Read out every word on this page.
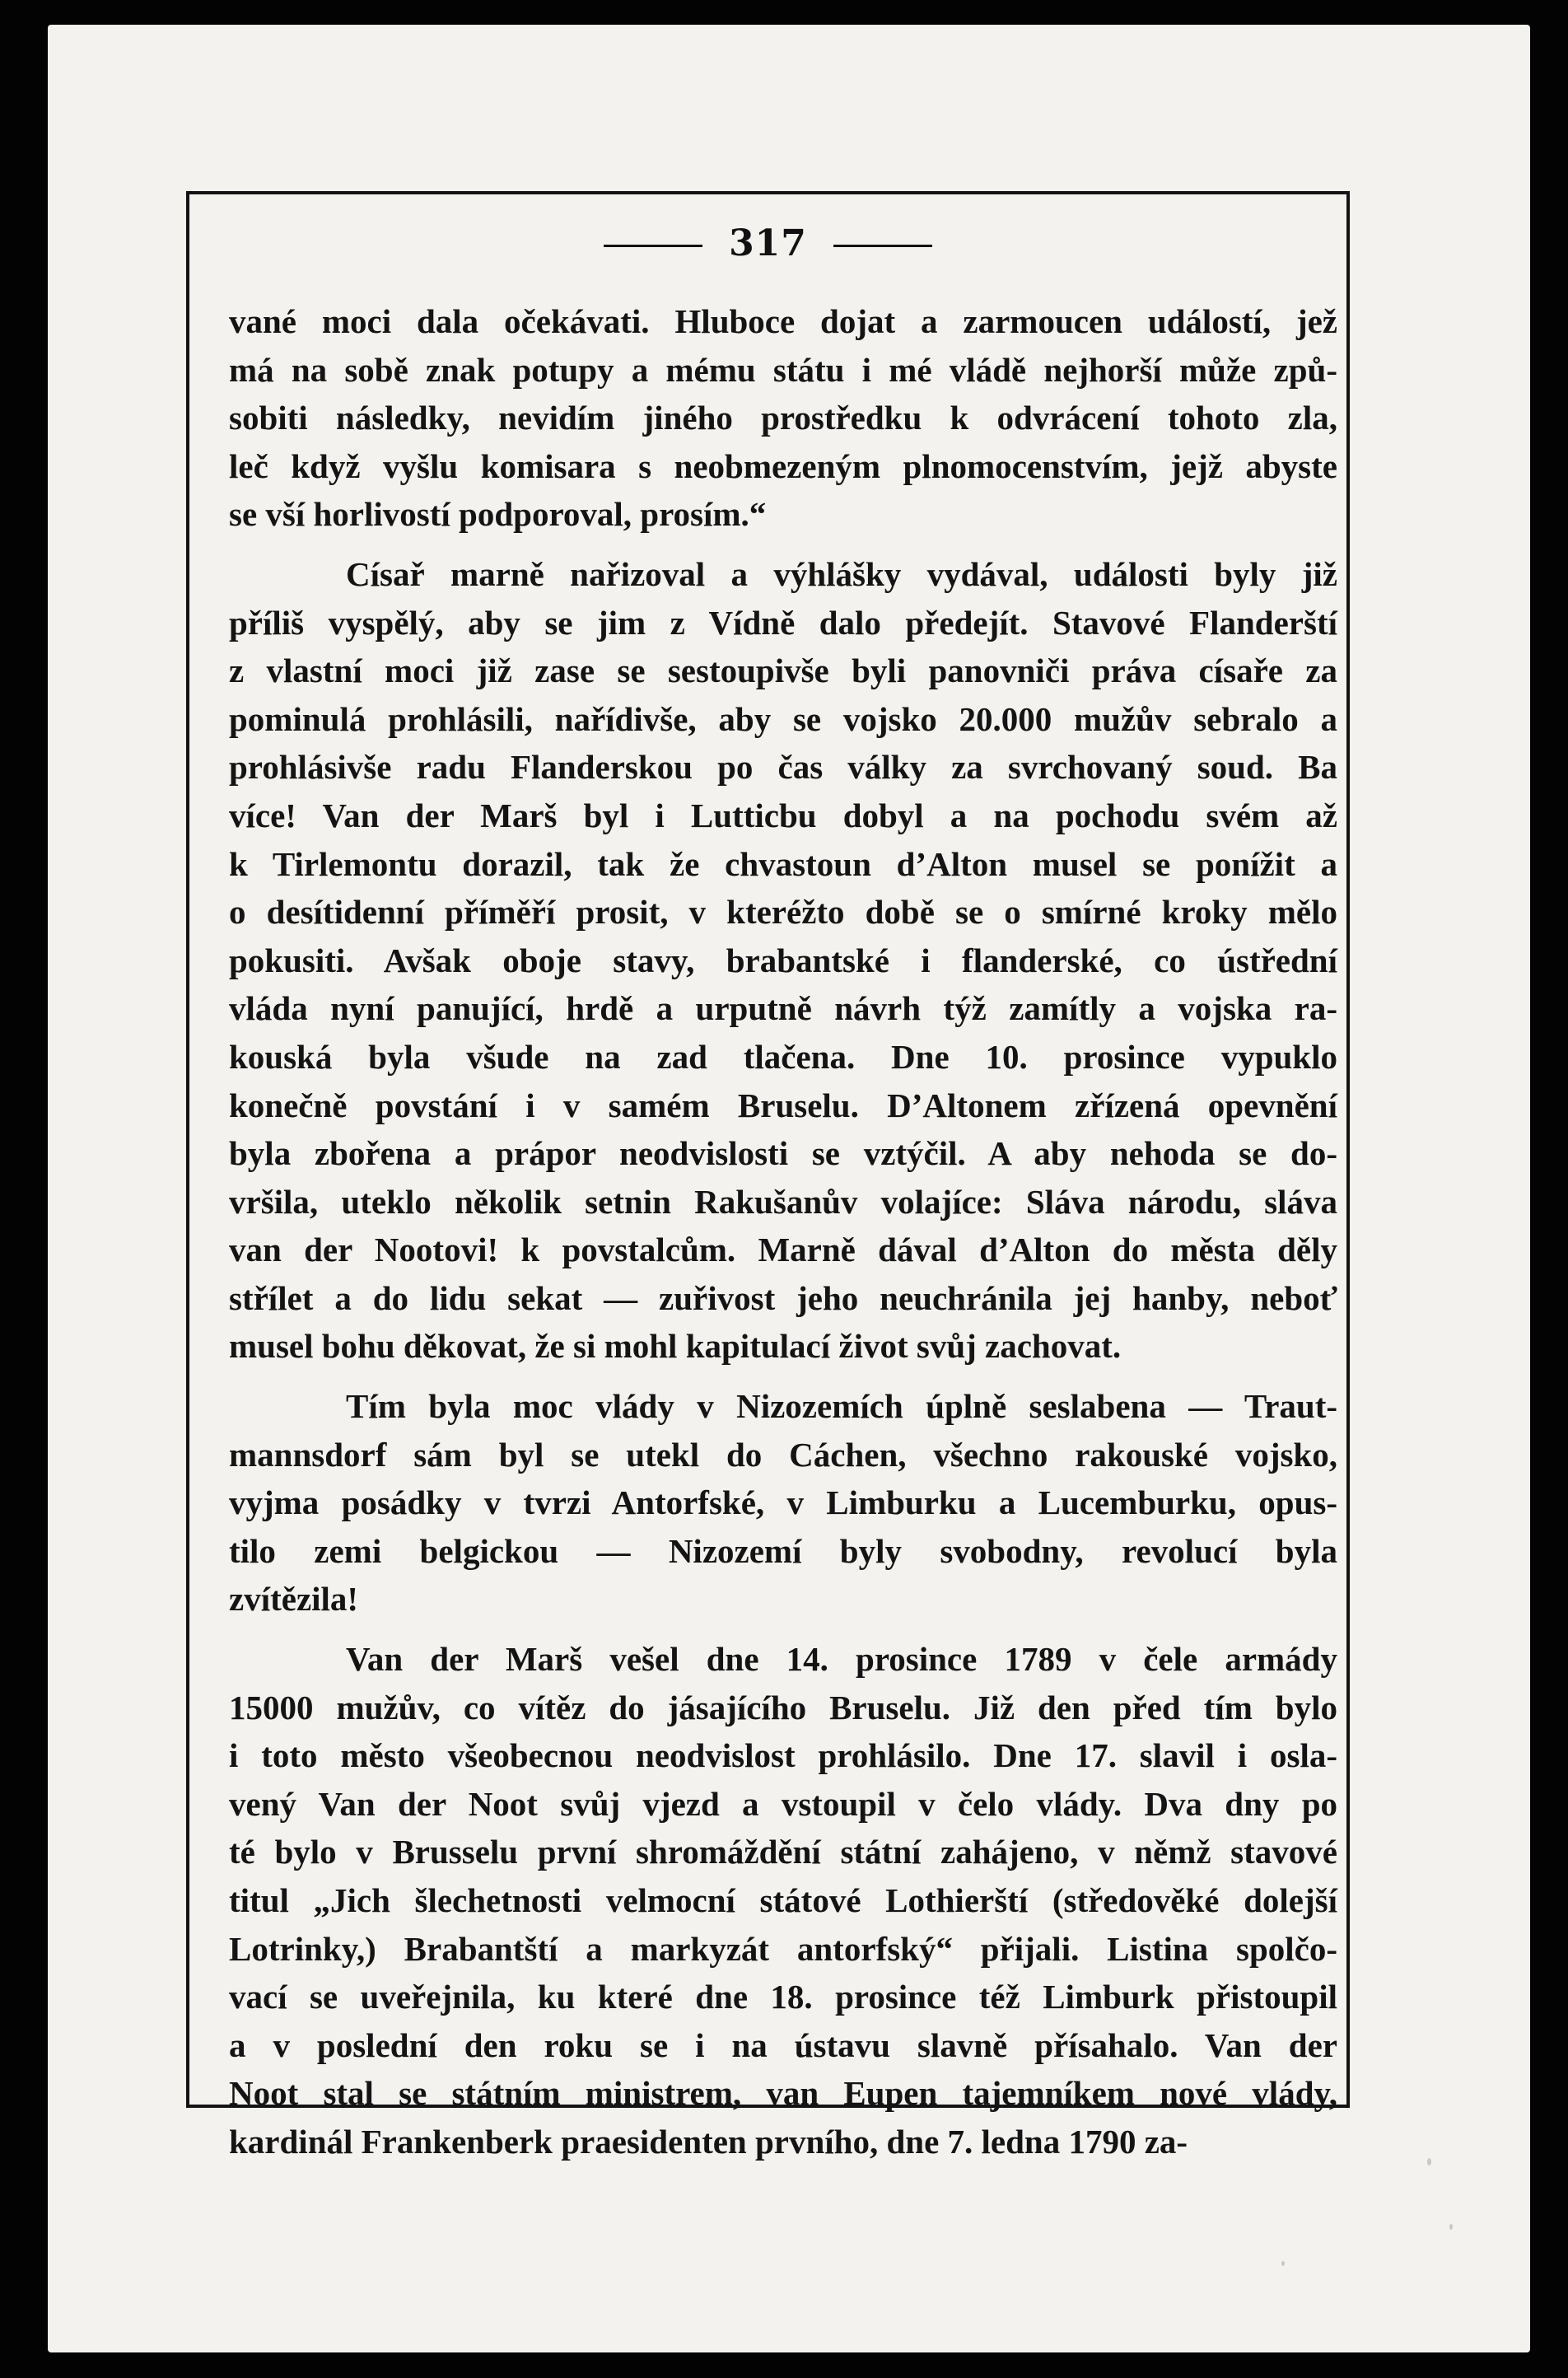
317
vané moci dala očekávati. Hluboce dojat a zarmoucen událostí, jež
má na sobě znak potupy a mému státu i mé vládě nejhorší může způ-
sobiti následky, nevidím jiného prostředku k odvrácení tohoto zla,
leč když vyšlu komisara s neobmezeným plnomocenstvím, jejž abyste
se vší horlivostí podporoval, prosím.“
Císař marně nařizoval a výhlášky vydával, události byly již
příliš vyspělý, aby se jim z Vídně dalo předejít. Stavové Flanderští
z vlastní moci již zase se sestoupivše byli panovniči práva císaře za
pominulá prohlásili, nařídivše, aby se vojsko 20.000 mužův sebralo a
prohlásivše radu Flanderskou po čas války za svrchovaný soud. Ba
více! Van der Marš byl i Lutticbu dobyl a na pochodu svém až
k Tirlemontu dorazil, tak že chvastoun d’Alton musel se ponížit a
o desítidenní příměří prosit, v kteréžto době se o smírné kroky mělo
pokusiti. Avšak oboje stavy, brabantské i flanderské, co ústřední
vláda nyní panující, hrdě a urputně návrh týž zamítly a vojska ra-
kouská byla všude na zad tlačena. Dne 10. prosince vypuklo
konečně povstání i v samém Bruselu. D’Altonem zřízená opevnění
byla zbořena a prápor neodvislosti se vztýčil. A aby nehoda se do-
vršila, uteklo několik setnin Rakušanův volajíce: Sláva národu, sláva
van der Nootovi! k povstalcům. Marně dával d’Alton do města děly
střílet a do lidu sekat — zuřivost jeho neuchránila jej hanby, neboť
musel bohu děkovat, že si mohl kapitulací život svůj zachovat.
Tím byla moc vlády v Nizozemích úplně seslabena — Traut-
mannsdorf sám byl se utekl do Cáchen, všechno rakouské vojsko,
vyjma posádky v tvrzi Antorfské, v Limburku a Lucemburku, opus-
tilo zemi belgickou — Nizozemí byly svobodny, revolucí byla
zvítězila!
Van der Marš vešel dne 14. prosince 1789 v čele armády
15000 mužův, co vítěz do jásajícího Bruselu. Již den před tím bylo
i toto město všeobecnou neodvislost prohlásilo. Dne 17. slavil i osla-
vený Van der Noot svůj vjezd a vstoupil v čelo vlády. Dva dny po
té bylo v Brusselu první shromáždění státní zahájeno, v němž stavové
titul „Jich šlechetnosti velmocní státové Lothierští (středověké dolejší
Lotrinky,) Brabantští a markyzát antorfský“ přijali. Listina spolčo-
vací se uveřejnila, ku které dne 18. prosince též Limburk přistoupil
a v poslední den roku se i na ústavu slavně přísahalo. Van der
Noot stal se státním ministrem, van Eupen tajemníkem nové vlády,
kardinál Frankenberk praesidenten prvního, dne 7. ledna 1790 za-
